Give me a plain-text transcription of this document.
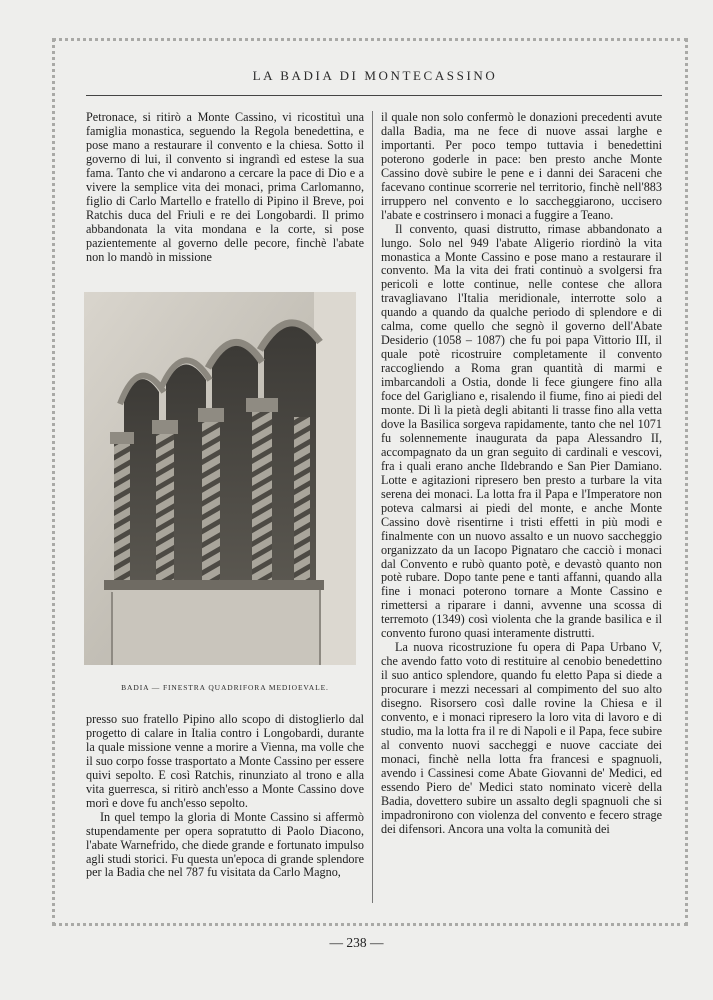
LA BADIA DI MONTECASSINO

Petronace, si ritirò a Monte Cassino, vi ricostituì una famiglia monastica, seguendo la Regola benedettina, e pose mano a restaurare il convento e la chiesa. Sotto il governo di lui, il convento si ingrandì ed estese la sua fama. Tanto che vi andarono a cercare la pace di Dio e a vivere la semplice vita dei monaci, prima Carlomanno, figlio di Carlo Martello e fratello di Pipino il Breve, poi Ratchis duca del Friuli e re dei Longobardi. Il primo abbandonata la vita mondana e la corte, si pose pazientemente al governo delle pecore, finchè l'abate non lo mandò in missione

BADIA — FINESTRA QUADRIFORA MEDIOEVALE.

presso suo fratello Pipino allo scopo di distoglierlo dal progetto di calare in Italia contro i Longobardi, durante la quale missione venne a morire a Vienna, ma volle che il suo corpo fosse trasportato a Monte Cassino per essere quivi sepolto. E così Ratchis, rinunziato al trono e alla vita guerresca, si ritirò anch'esso a Monte Cassino dove morì e dove fu anch'esso sepolto.

In quel tempo la gloria di Monte Cassino si affermò stupendamente per opera sopratutto di Paolo Diacono, l'abate Warnefrido, che diede grande e fortunato impulso agli studi storici. Fu questa un'epoca di grande splendore per la Badia che nel 787 fu visitata da Carlo Magno,

il quale non solo confermò le donazioni precedenti avute dalla Badia, ma ne fece di nuove assai larghe e importanti. Per poco tempo tuttavia i benedettini poterono goderle in pace: ben presto anche Monte Cassino dovè subire le pene e i danni dei Saraceni che facevano continue scorrerie nel territorio, finchè nell'883 irruppero nel convento e lo saccheggiarono, uccisero l'abate e costrinsero i monaci a fuggire a Teano.

Il convento, quasi distrutto, rimase abbandonato a lungo. Solo nel 949 l'abate Aligerio riordinò la vita monastica a Monte Cassino e pose mano a restaurare il convento. Ma la vita dei frati continuò a svolgersi fra pericoli e lotte continue, nelle contese che allora travagliavano l'Italia meridionale, interrotte solo a quando a quando da qualche periodo di splendore e di calma, come quello che segnò il governo dell'Abate Desiderio (1058 – 1087) che fu poi papa Vittorio III, il quale potè ricostruire completamente il convento raccogliendo a Roma gran quantità di marmi e imbarcandoli a Ostia, donde li fece giungere fino alla foce del Garigliano e, risalendo il fiume, fino ai piedi del monte. Di lì la pietà degli abitanti li trasse fino alla vetta dove la Basilica sorgeva rapidamente, tanto che nel 1071 fu solennemente inaugurata da papa Alessandro II, accompagnato da un gran seguito di cardinali e vescovi, fra i quali erano anche Ildebrando e San Pier Damiano. Lotte e agitazioni ripresero ben presto a turbare la vita serena dei monaci. La lotta fra il Papa e l'Imperatore non poteva calmarsi ai piedi del monte, e anche Monte Cassino dovè risentirne i tristi effetti in più modi e finalmente con un nuovo assalto e un nuovo saccheggio organizzato da un Iacopo Pignataro che cacciò i monaci dal Convento e rubò quanto potè, e devastò quanto non potè rubare. Dopo tante pene e tanti affanni, quando alla fine i monaci poterono tornare a Monte Cassino e rimettersi a riparare i danni, avvenne una scossa di terremoto (1349) così violenta che la grande basilica e il convento furono quasi interamente distrutti.

La nuova ricostruzione fu opera di Papa Urbano V, che avendo fatto voto di restituire al cenobio benedettino il suo antico splendore, quando fu eletto Papa si diede a procurare i mezzi necessari al compimento del suo alto disegno. Risorsero così dalle rovine la Chiesa e il convento, e i monaci ripresero la loro vita di lavoro e di studio, ma la lotta fra il re di Napoli e il Papa, fece subire al convento nuovi saccheggi e nuove cacciate dei monaci, finchè nella lotta fra francesi e spagnuoli, avendo i Cassinesi come Abate Giovanni de' Medici, ed essendo Piero de' Medici stato nominato vicerè della Badia, dovettero subire un assalto degli spagnuoli che si impadronirono con violenza del convento e fecero strage dei difensori. Ancora una volta la comunità dei

— 238 —
